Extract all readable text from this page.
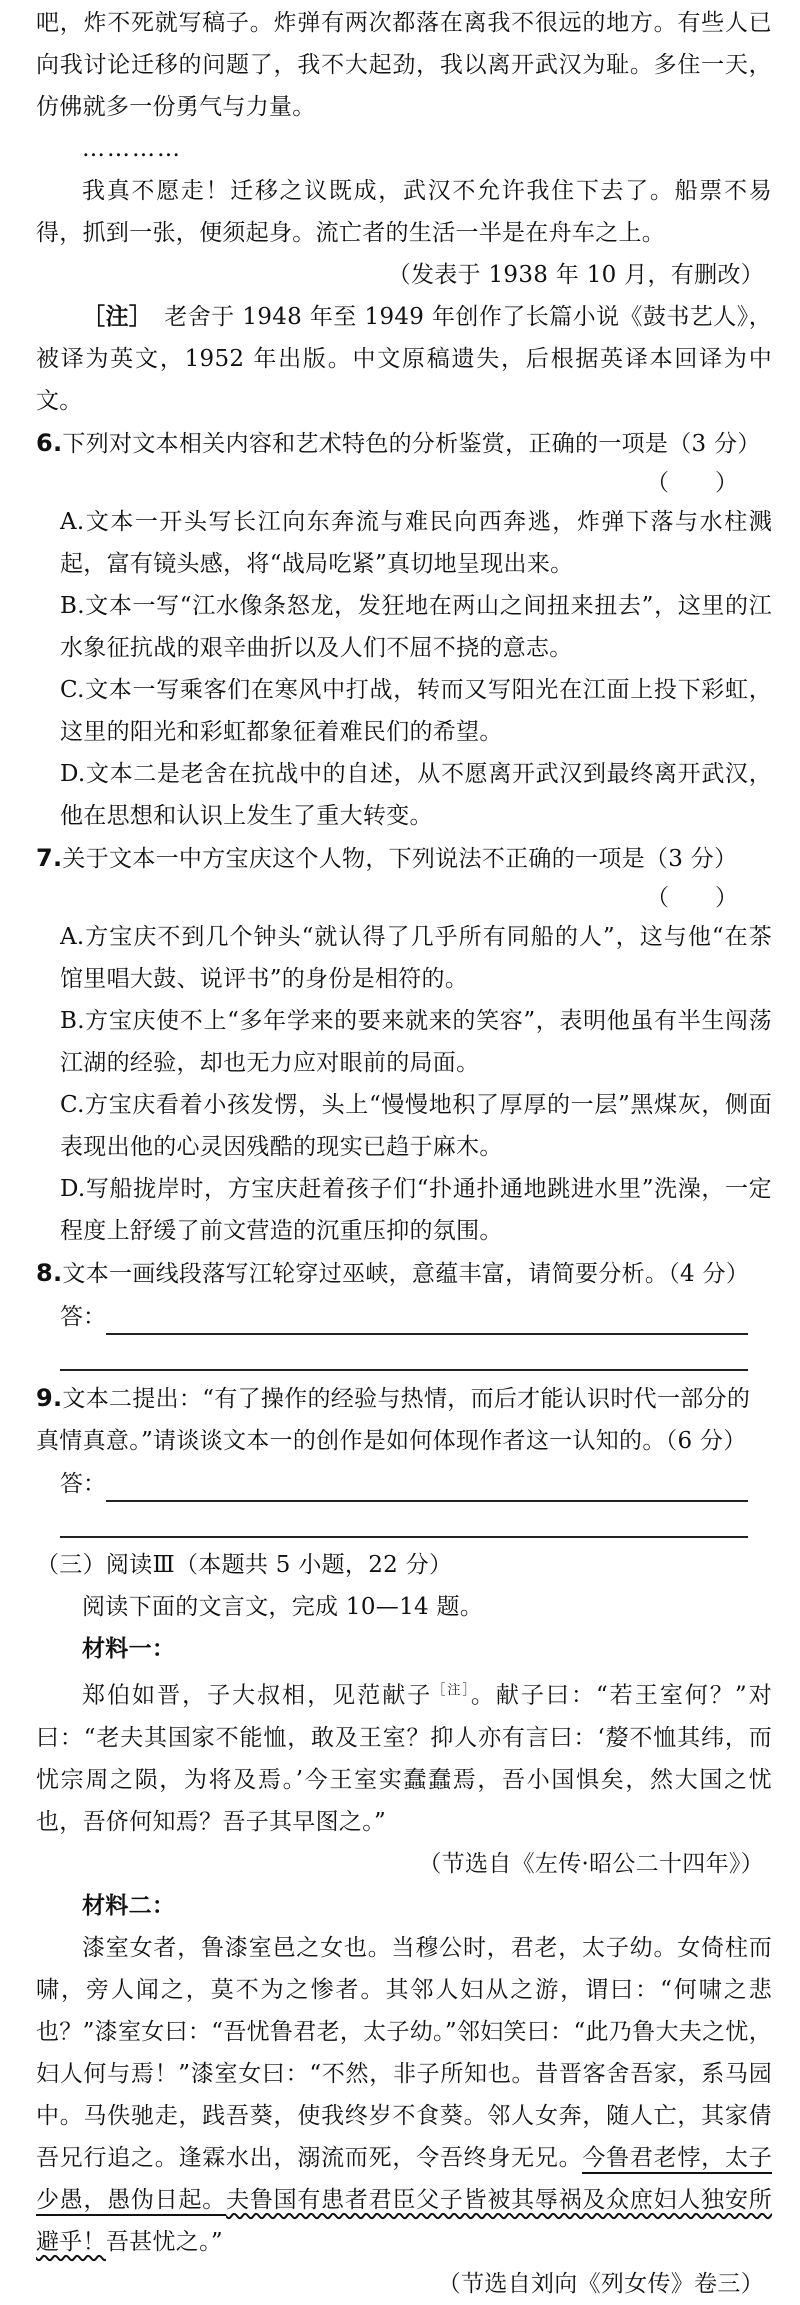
吧，炸不死就写稿子。炸弹有两次都落在离我不很远的地方。有些人已向我讨论迁移的问题了，我不大起劲，我以离开武汉为耻。多住一天，仿佛就多一份勇气与力量。

…………

我真不愿走！迁移之议既成，武汉不允许我住下去了。船票不易得，抓到一张，便须起身。流亡者的生活一半是在舟车之上。

（发表于 1938 年 10 月，有删改）

［注］　 老舍于 1948 年至 1949 年创作了长篇小说《鼓书艺人》，被译为英文，1952 年出版。中文原稿遗失，后根据英译本回译为中文。

6.下列对文本相关内容和艺术特色的分析鉴赏，正确的一项是（3 分）

（　　）

A.文本一开头写长江向东奔流与难民向西奔逃，炸弹下落与水柱溅起，富有镜头感，将“战局吃紧”真切地呈现出来。

B.文本一写“江水像条怒龙，发狂地在两山之间扭来扭去”，这里的江水象征抗战的艰辛曲折以及人们不屈不挠的意志。

C.文本一写乘客们在寒风中打战，转而又写阳光在江面上投下彩虹，这里的阳光和彩虹都象征着难民们的希望。

D.文本二是老舍在抗战中的自述，从不愿离开武汉到最终离开武汉，他在思想和认识上发生了重大转变。

7.关于文本一中方宝庆这个人物，下列说法不正确的一项是（3 分）

（　　）

A.方宝庆不到几个钟头“就认得了几乎所有同船的人”，这与他“在茶馆里唱大鼓、说评书”的身份是相符的。

B.方宝庆使不上“多年学来的要来就来的笑容”，表明他虽有半生闯荡江湖的经验，却也无力应对眼前的局面。

C.方宝庆看着小孩发愣，头上“慢慢地积了厚厚的一层”黑煤灰，侧面表现出他的心灵因残酷的现实已趋于麻木。

D.写船拢岸时，方宝庆赶着孩子们“扑通扑通地跳进水里”洗澡，一定程度上舒缓了前文营造的沉重压抑的氛围。

8.文本一画线段落写江轮穿过巫峡，意蕴丰富，请简要分析。（4 分）

答：

9.文本二提出：“有了操作的经验与热情，而后才能认识时代一部分的真情真意。”请谈谈文本一的创作是如何体现作者这一认知的。（6 分）

答：

（三）阅读Ⅲ（本题共 5 小题，22 分）

阅读下面的文言文，完成 10—14 题。

材料一：

郑伯如晋，子大叔相，见范献子$^{[注]}$。献子曰：“若王室何？”对曰：“老夫其国家不能恤，敢及王室？抑人亦有言曰：‘嫠不恤其纬，而忧宗周之陨，为将及焉。’今王室实蠢蠢焉，吾小国惧矣，然大国之忧也，吾侪何知焉？吾子其早图之。”

（节选自《左传·昭公二十四年》）

材料二：

漆室女者，鲁漆室邑之女也。当穆公时，君老，太子幼。女倚柱而啸，旁人闻之，莫不为之惨者。其邻人妇从之游，谓曰：“何啸之悲也？”漆室女曰：“吾忧鲁君老，太子幼。”邻妇笑曰：“此乃鲁大夫之忧，妇人何与焉！”漆室女曰：“不然，非子所知也。昔晋客舍吾家，系马园中。马佚驰走，践吾葵，使我终岁不食葵。邻人女奔，随人亡，其家倩吾兄行追之。逢霖水出，溺流而死，令吾终身无兄。今鲁君老悖，太子少愚，愚伪日起。夫鲁国有患者君臣父子皆被其辱祸及众庶妇人独安所避乎！吾甚忧之。”

（节选自刘向《列女传》卷三）
